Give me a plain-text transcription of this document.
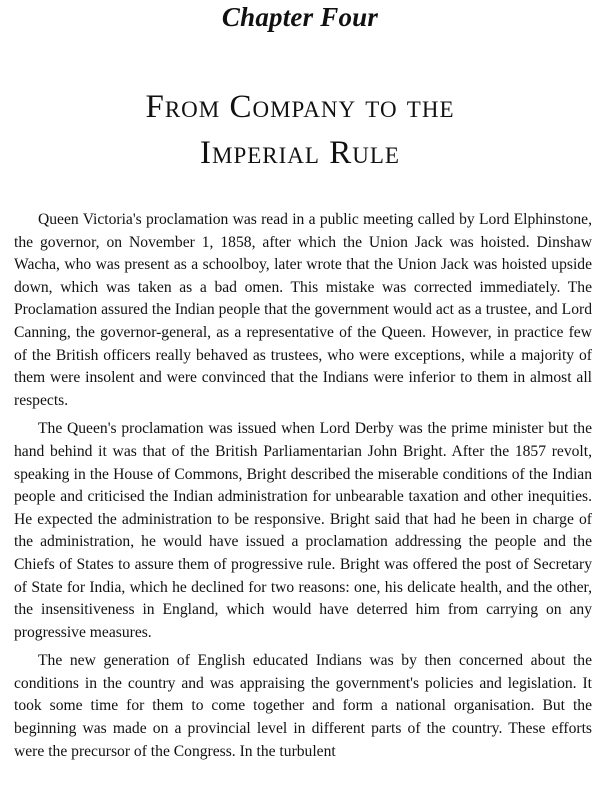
Chapter Four
From Company to the
Imperial Rule

Queen Victoria's proclamation was read in a public meeting called by Lord Elphinstone, the governor, on November 1, 1858, after which the Union Jack was hoisted. Dinshaw Wacha, who was present as a schoolboy, later wrote that the Union Jack was hoisted upside down, which was taken as a bad omen. This mistake was corrected immediately. The Proclamation assured the Indian people that the government would act as a trustee, and Lord Canning, the governor-general, as a representative of the Queen. However, in practice few of the British officers really behaved as trustees, who were exceptions, while a majority of them were insolent and were convinced that the Indians were inferior to them in almost all respects.

The Queen's proclamation was issued when Lord Derby was the prime minister but the hand behind it was that of the British Parliamentarian John Bright. After the 1857 revolt, speaking in the House of Commons, Bright described the miserable conditions of the Indian people and criticised the Indian administration for unbearable taxation and other inequities. He expected the administration to be responsive. Bright said that had he been in charge of the administration, he would have issued a proclamation addressing the people and the Chiefs of States to assure them of progressive rule. Bright was offered the post of Secretary of State for India, which he declined for two reasons: one, his delicate health, and the other, the insensitiveness in England, which would have deterred him from carrying on any progressive measures.

The new generation of English educated Indians was by then concerned about the conditions in the country and was appraising the government's policies and legislation. It took some time for them to come together and form a national organisation. But the beginning was made on a provincial level in different parts of the country. These efforts were the precursor of the Congress. In the turbulent
